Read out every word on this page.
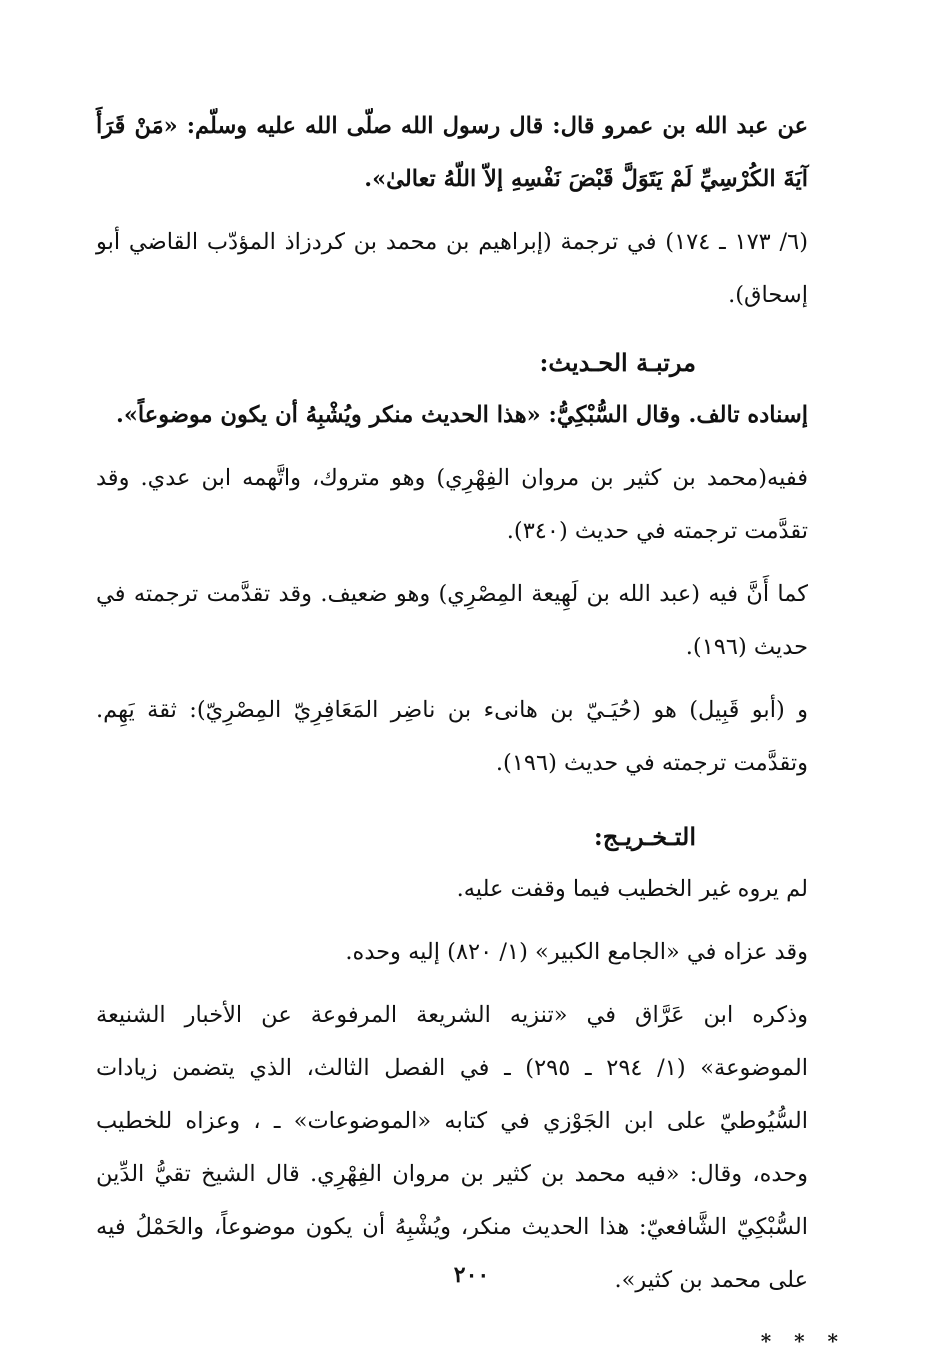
عن عبد الله بن عمرو قال: قال رسول الله صلّى الله عليه وسلّم: «مَنْ قَرَأَ آيَةَ الكُرْسِيِّ لَمْ يَتَوَلَّ قَبْضَ نَفْسِهِ إلاّ اللّهُ تعالىٰ».

(٦/ ١٧٣ ـ ١٧٤) في ترجمة (إبراهيم بن محمد بن كردزاذ المؤدّب القاضي أبو إسحاق).

مرتبـة الحـديث:

إسناده تالف. وقال السُّبْكِيُّ: «هذا الحديث منكر ويُشْبِهُ أن يكون موضوعاً».

ففيه(محمد بن كثير بن مروان الفِهْرِي) وهو متروك، واتَّهمه ابن عدي. وقد تقدَّمت ترجمته في حديث (٣٤٠).

كما أَنَّ فيه (عبد الله بن لَهِيعة المِصْرِي) وهو ضعيف. وقد تقدَّمت ترجمته في حديث (١٩٦).

و (أبو قَبِيل) هو (حُيَـيّ بن هانىء بن ناضِر المَعَافِرِيّ المِصْرِيّ): ثقة يَهِم. وتقدَّمت ترجمته في حديث (١٩٦).

التـخـريـج:

لم يروه غير الخطيب فيما وقفت عليه.

وقد عزاه في «الجامع الكبير» (١/ ٨٢٠) إليه وحده.

وذكره ابن عَرَّاق في «تنزيه الشريعة المرفوعة عن الأخبار الشنيعة الموضوعة» (١/ ٢٩٤ ـ ٢٩٥) ـ في الفصل الثالث، الذي يتضمن زيادات السُّيُوطيّ على ابن الجَوْزي في كتابه «الموضوعات» ـ ، وعزاه للخطيب وحده، وقال: «فيه محمد بن كثير بن مروان الفِهْرِي. قال الشيخ تقيُّ الدِّين السُّبْكِيّ الشَّافعيّ: هذا الحديث منكر، ويُشْبِهُ أن يكون موضوعاً، والحَمْلُ فيه على محمد بن كثير».

* * *
٢٠٠
